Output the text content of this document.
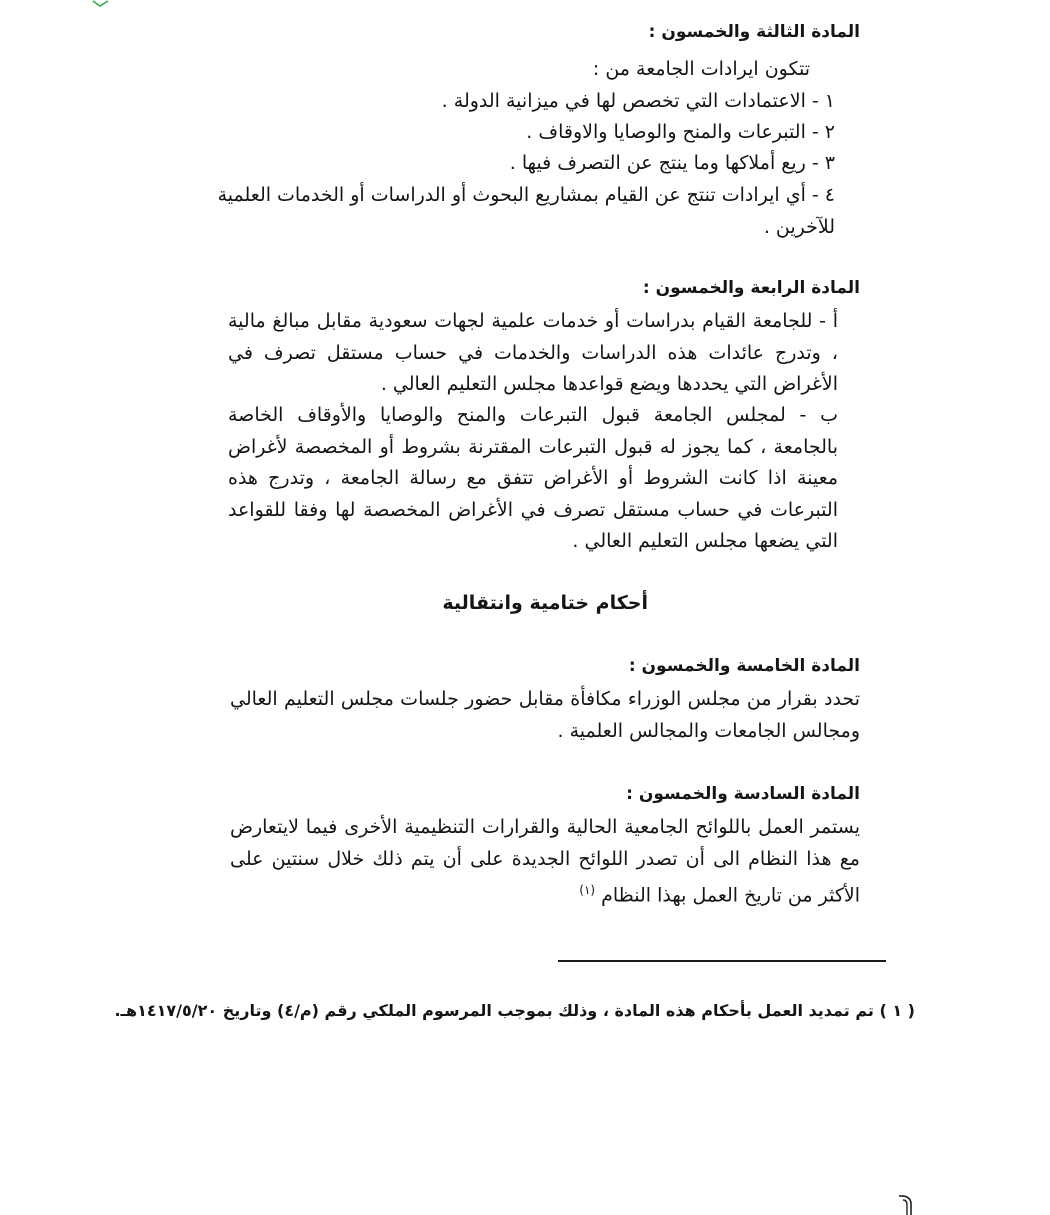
المادة الثالثة والخمسون :
تتكون ايرادات الجامعة من :
١ - الاعتمادات التي تخصص لها في ميزانية الدولة .
٢ - التبرعات والمنح والوصايا والاوقاف .
٣ - ريع أملاكها وما ينتج عن التصرف فيها .
٤ - أي ايرادات تنتج عن القيام بمشاريع البحوث أو الدراسات أو الخدمات العلمية
للآخرين .
المادة الرابعة والخمسون :
أ - للجامعة القيام بدراسات أو خدمات علمية لجهات سعودية مقابل مبالغ مالية ، وتدرج عائدات هذه الدراسات والخدمات في حساب مستقل تصرف في الأغراض التي يحددها ويضع قواعدها مجلس التعليم العالي .
ب - لمجلس الجامعة قبول التبرعات والمنح والوصايا والأوقاف الخاصة بالجامعة ، كما يجوز له قبول التبرعات المقترنة بشروط أو المخصصة لأغراض معينة اذا كانت الشروط أو الأغراض تتفق مع رسالة الجامعة ، وتدرج هذه التبرعات في حساب مستقل تصرف في الأغراض المخصصة لها وفقا للقواعد التي يضعها مجلس التعليم العالي .
أحكام ختامية وانتقالية
المادة الخامسة والخمسون :
تحدد بقرار من مجلس الوزراء مكافأة مقابل حضور جلسات مجلس التعليم العالي ومجالس الجامعات والمجالس العلمية .
المادة السادسة والخمسون :
يستمر العمل باللوائح الجامعية الحالية والقرارات التنظيمية الأخرى فيما لايتعارض مع هذا النظام الى أن تصدر اللوائح الجديدة على أن يتم ذلك خلال سنتين على الأكثر من تاريخ العمل بهذا النظام $^{(١)}$
( ١ ) تم تمديد العمل بأحكام هذه المادة ، وذلك بموجب المرسوم الملكي رقم (م/٤) وتاريخ ١٤١٧/٥/٢٠هـ.
